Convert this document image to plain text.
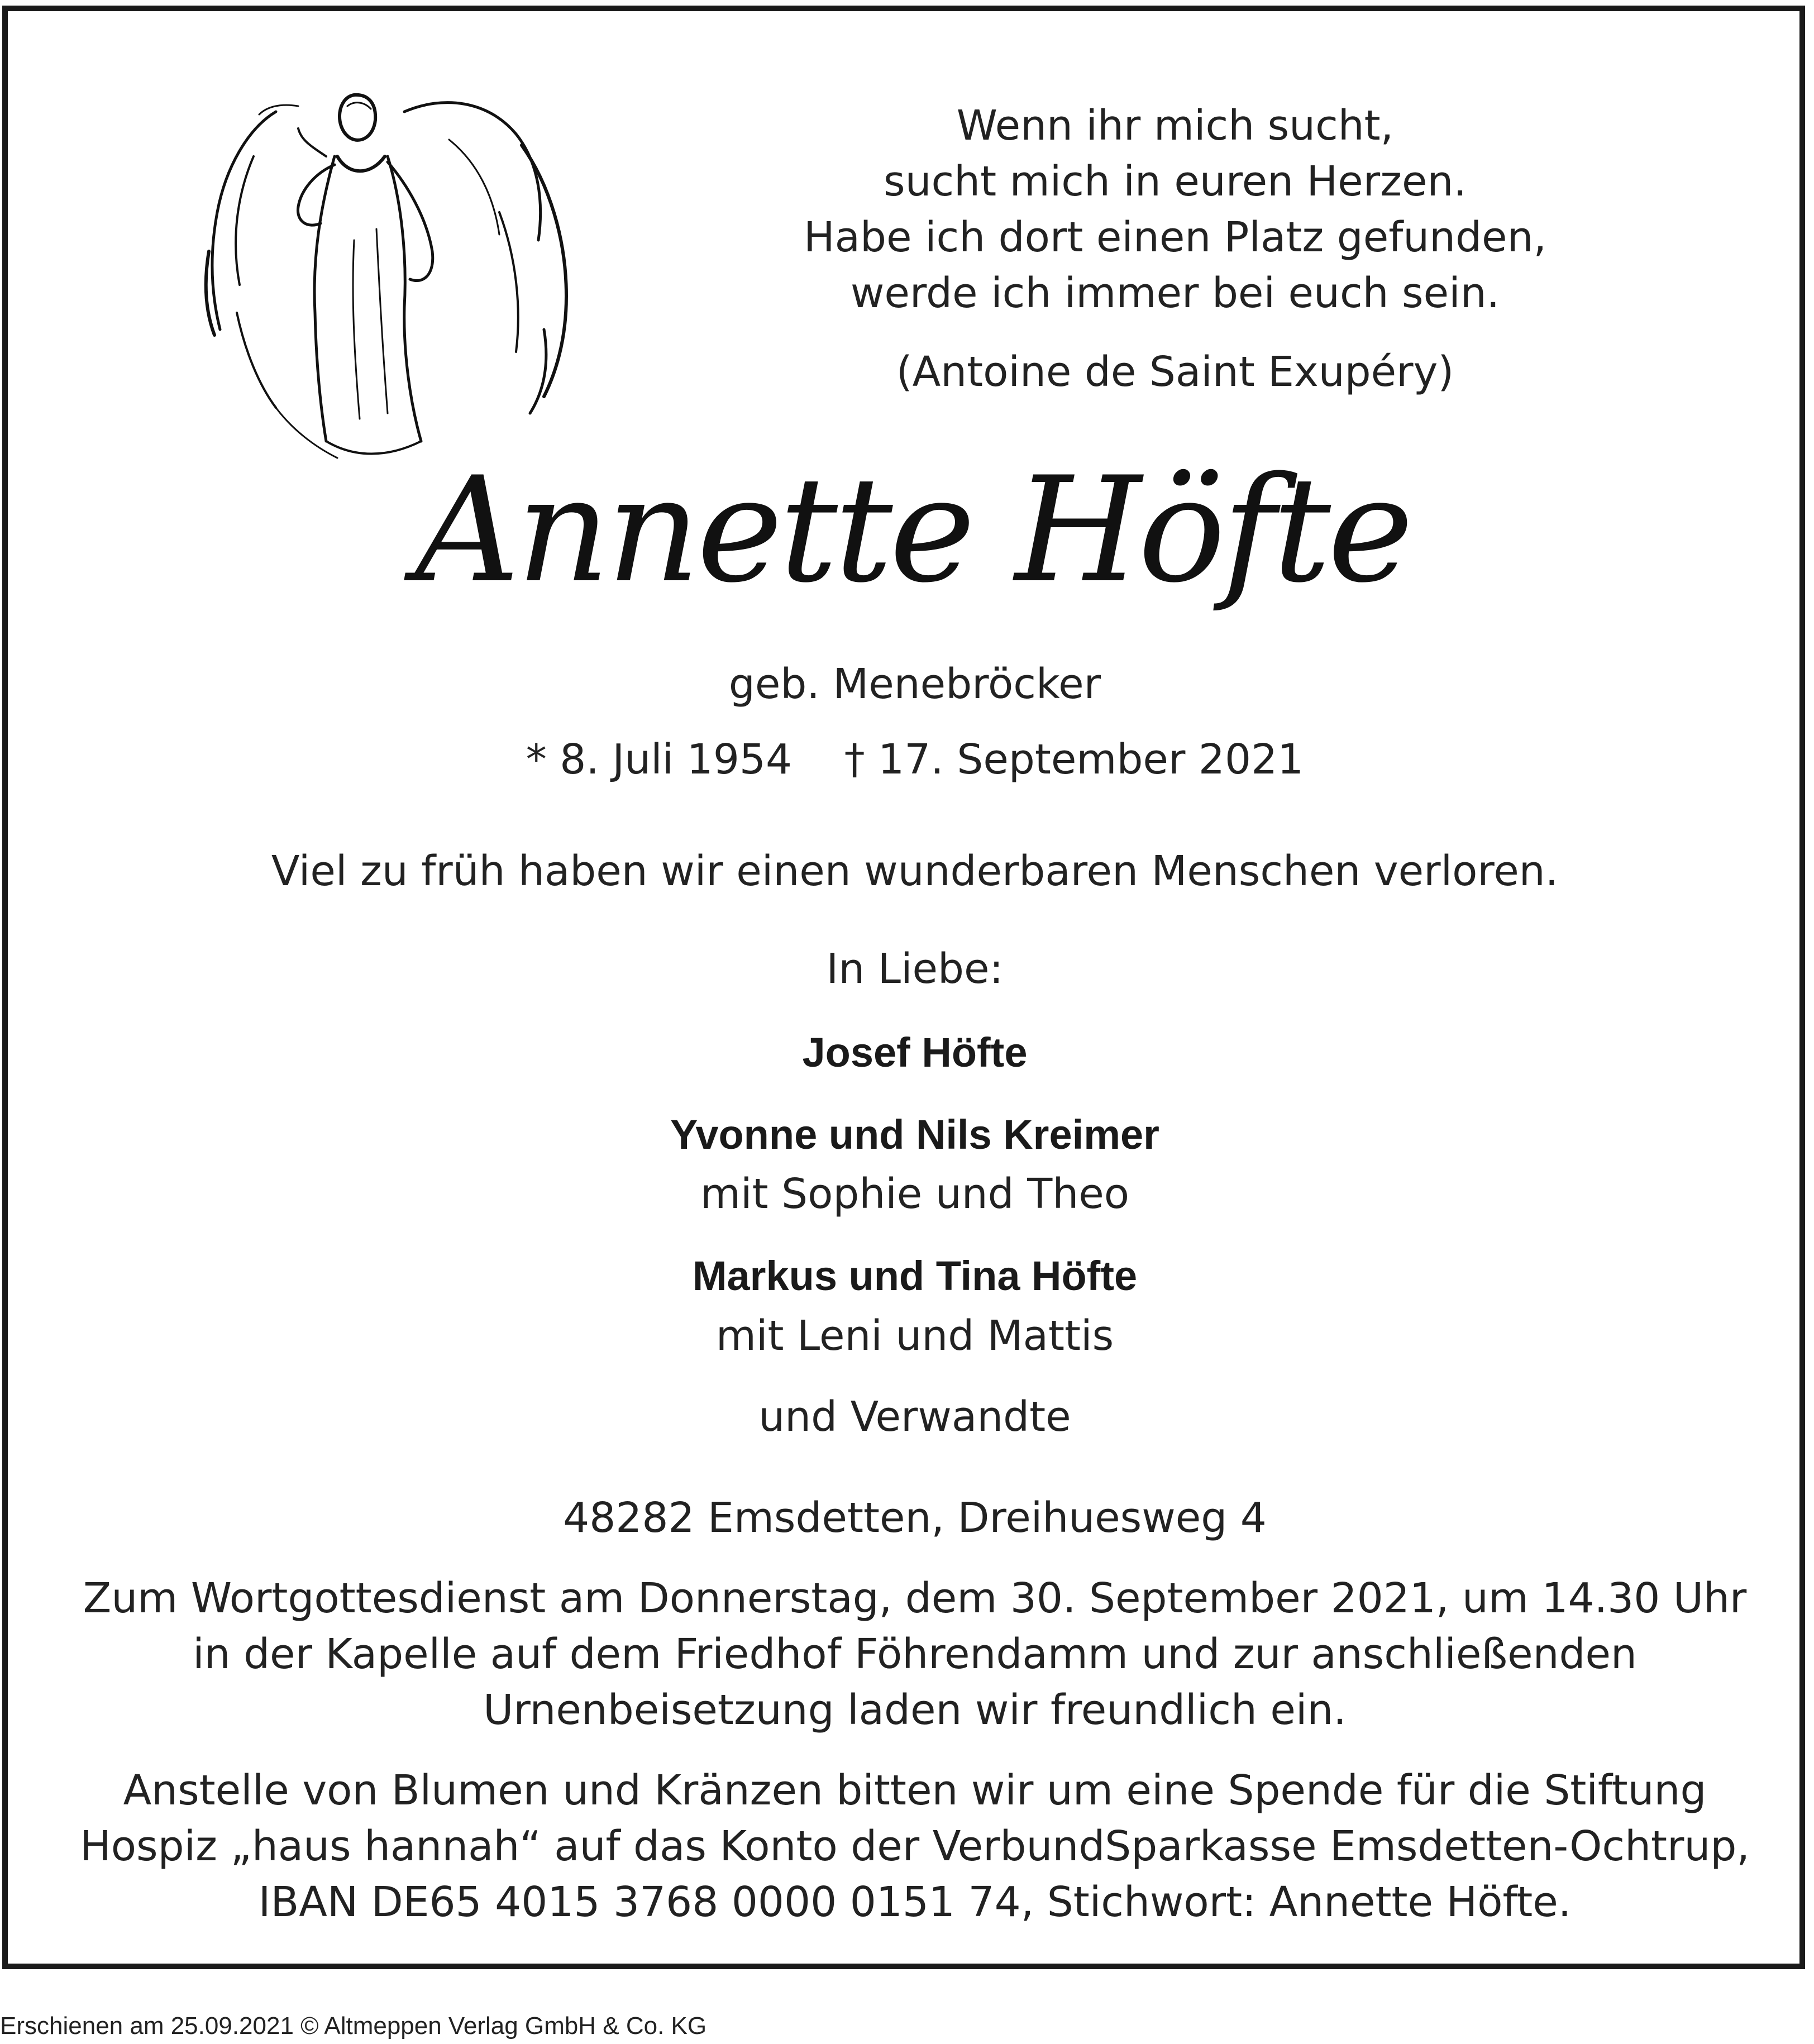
Wenn ihr mich sucht,
sucht mich in euren Herzen.
Habe ich dort einen Platz gefunden,
werde ich immer bei euch sein.
(Antoine de Saint Exupéry)
Annette Höfte
geb. Menebröcker
* 8. Juli 1954 † 17. September 2021
Viel zu früh haben wir einen wunderbaren Menschen verloren.
In Liebe:
Josef Höfte
Yvonne und Nils Kreimer
mit Sophie und Theo
Markus und Tina Höfte
mit Leni und Mattis
und Verwandte
48282 Emsdetten, Dreihuesweg 4
Zum Wortgottesdienst am Donnerstag, dem 30. September 2021, um 14.30 Uhr
in der Kapelle auf dem Friedhof Föhrendamm und zur anschließenden
Urnenbeisetzung laden wir freundlich ein.
Anstelle von Blumen und Kränzen bitten wir um eine Spende für die Stiftung
Hospiz „haus hannah“ auf das Konto der VerbundSparkasse Emsdetten-Ochtrup,
IBAN DE65 4015 3768 0000 0151 74, Stichwort: Annette Höfte.
Erschienen am 25.09.2021 © Altmeppen Verlag GmbH & Co. KG
